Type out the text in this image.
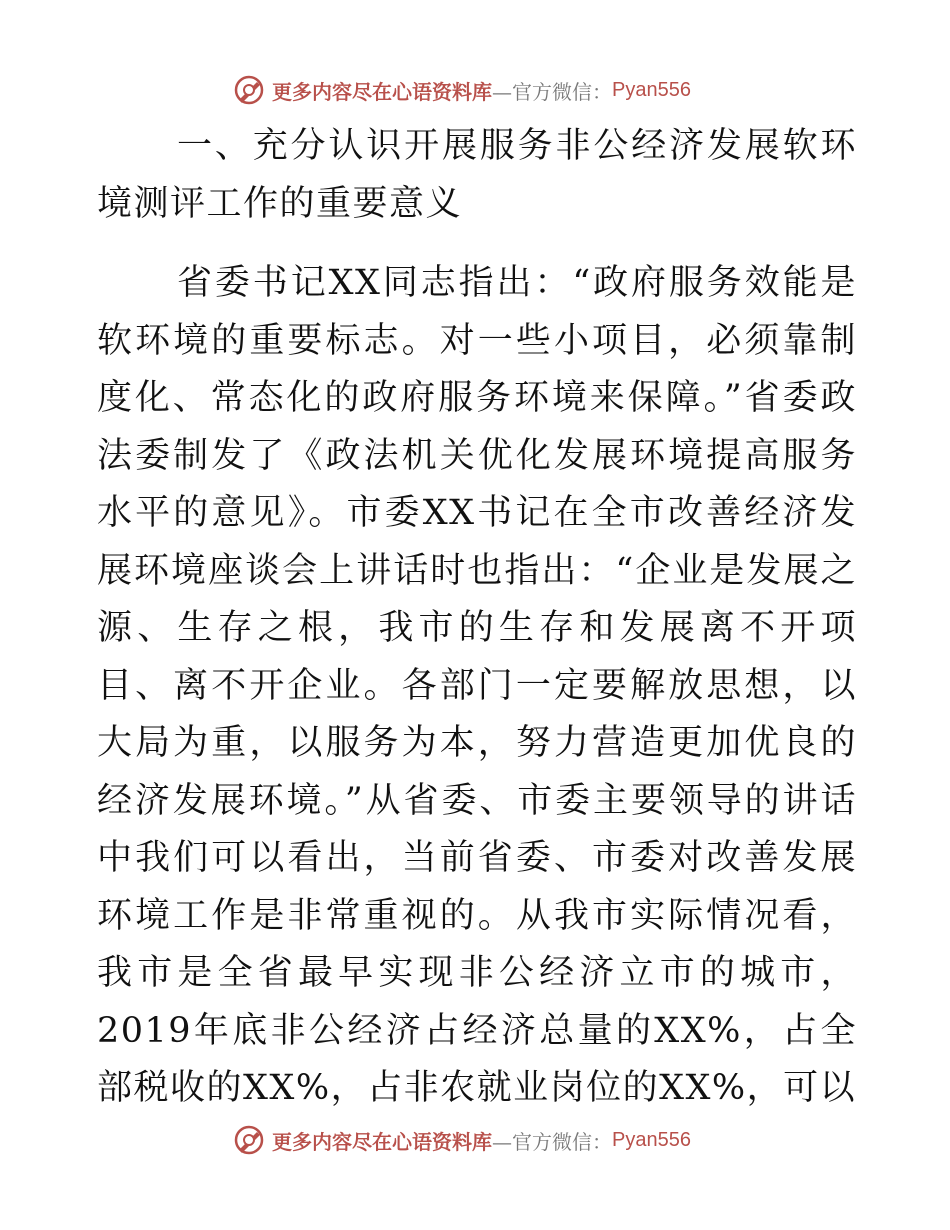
更多内容尽在心语资料库 —官方微信： Pyan556

一、充分认识开展服务非公经济发展软环境测评工作的重要意义

省委书记XX同志指出：“政府服务效能是软环境的重要标志。对一些小项目，必须靠制度化、常态化的政府服务环境来保障。”省委政法委制发了《政法机关优化发展环境提高服务水平的意见》。市委XX书记在全市改善经济发展环境座谈会上讲话时也指出：“企业是发展之源、生存之根，我市的生存和发展离不开项目、离不开企业。各部门一定要解放思想，以大局为重，以服务为本，努力营造更加优良的经济发展环境。”从省委、市委主要领导的讲话中我们可以看出，当前省委、市委对改善发展环境工作是非常重视的。从我市实际情况看，我市是全省最早实现非公经济立市的城市，2019年底非公经济占经济总量的XX%，占全部税收的XX%，占非农就业岗位的XX%，可以

更多内容尽在心语资料库 —官方微信： Pyan556
